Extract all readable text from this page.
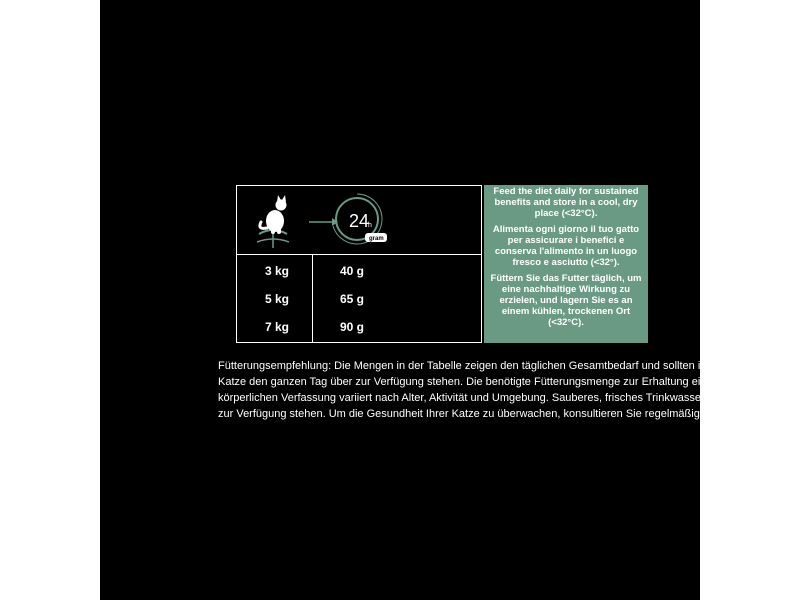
24
h
gram
3 kg	40 g
5 kg	65 g
7 kg	90 g

Feed the diet daily for sustained benefits and store in a cool, dry place (<32°C).

Alimenta ogni giorno il tuo gatto per assicurare i benefici e conserva l'alimento in un luogo fresco e asciutto (<32°).

Füttern Sie das Futter täglich, um eine nachhaltige Wirkung zu erzielen, und lagern Sie es an einem kühlen, trockenen Ort (<32°C).

Fütterungsempfehlung: Die Mengen in der Tabelle zeigen den täglichen Gesamtbedarf und sollten idealerweise Ihrer Katze den ganzen Tag über zur Verfügung stehen. Die benötigte Fütterungsmenge zur Erhaltung einer idealen körperlichen Verfassung variiert nach Alter, Aktivität und Umgebung. Sauberes, frisches Trinkwasser sollte jederzeit zur Verfügung stehen. Um die Gesundheit Ihrer Katze zu überwachen, konsultieren Sie regelmäßig einen Tierarzt.
